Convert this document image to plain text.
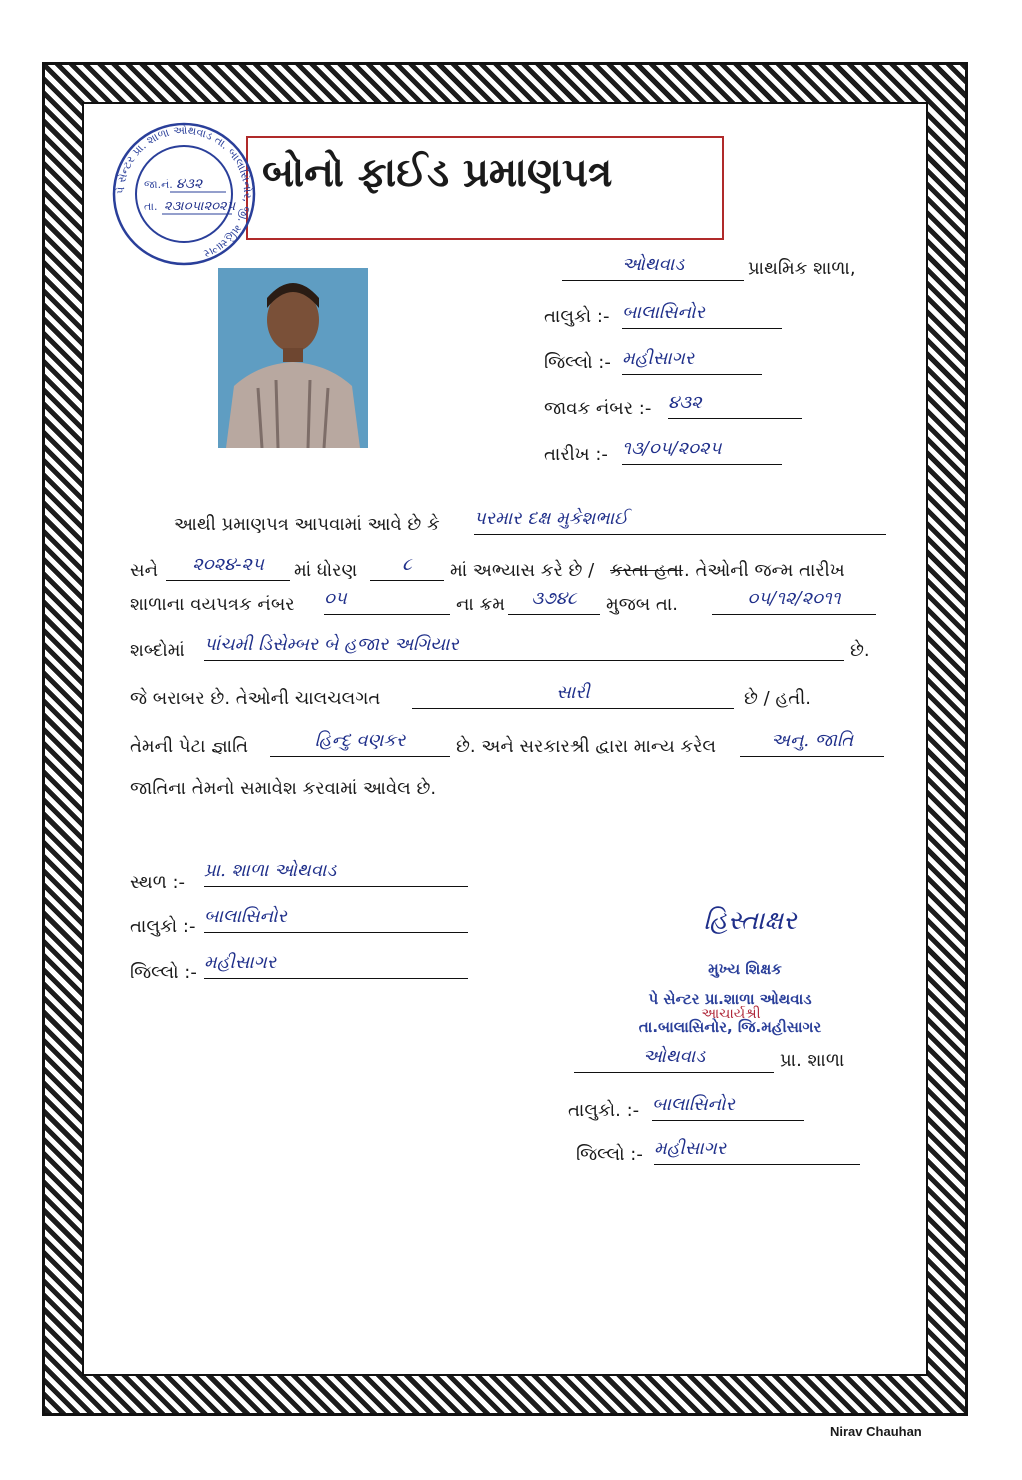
બોનો ફાઈડ પ્રમાણપત્ર
પે સેન્ટર પ્રા. શાળા ઓથવાડ તા. બાલાસિનોર, જી. મહિસાગર
જા.નં. ૪૩૨
તા. ૨૩।૦૫।૨૦૨૫
ઓથવાડ	પ્રાથમિક શાળા,
તાલુકો :- બાલાસિનોર
જિલ્લો :- મહીસાગર
જાવક નંબર :- ૪૩૨
તારીખ :- ૧૩/૦૫/૨૦૨૫
આથી પ્રમાણપત્ર આપવામાં આવે છે કે પરમાર દક્ષ મુકેશભાઈ
સને	૨૦૨૪-૨૫	માં ધોરણ	૮	માં અભ્યાસ કરે છે / કરતા હતા . તેઓની જન્મ તારીખ
શાળાના વયપત્રક નંબર ૦૫	ના ક્રમ	૩૭૪૮	મુજબ તા.	૦૫/૧૨/૨૦૧૧
શબ્દોમાં પાંચમી ડિસેમ્બર બે હજાર અગિયાર	છે.
જે બરાબર છે. તેઓની ચાલચલગત	સારી	છે / હતી.
તેમની પેટા જ્ઞાતિ	હિન્દુ વણકર	છે. અને સરકારશ્રી દ્વારા માન્ય કરેલ	અનુ. જાતિ
જાતિના તેમનો સમાવેશ કરવામાં આવેલ છે.
સ્થળ :-
પ્રા. શાળા ઓથવાડ
તાલુકો :- બાલાસિનોર
જિલ્લો :- મહીસાગર
હિસ્તાક્ષર
મુખ્ય શિક્ષક
પે સેન્ટર પ્રા.શાળા ઓથવાડ
આચાર્યશ્રી
તા.બાલાસિનોર, જિ.મહીસાગર
ઓથવાડ	પ્રા. શાળા
તાલુકો. :- બાલાસિનોર
જિલ્લો :- મહીસાગર
Nirav Chauhan
